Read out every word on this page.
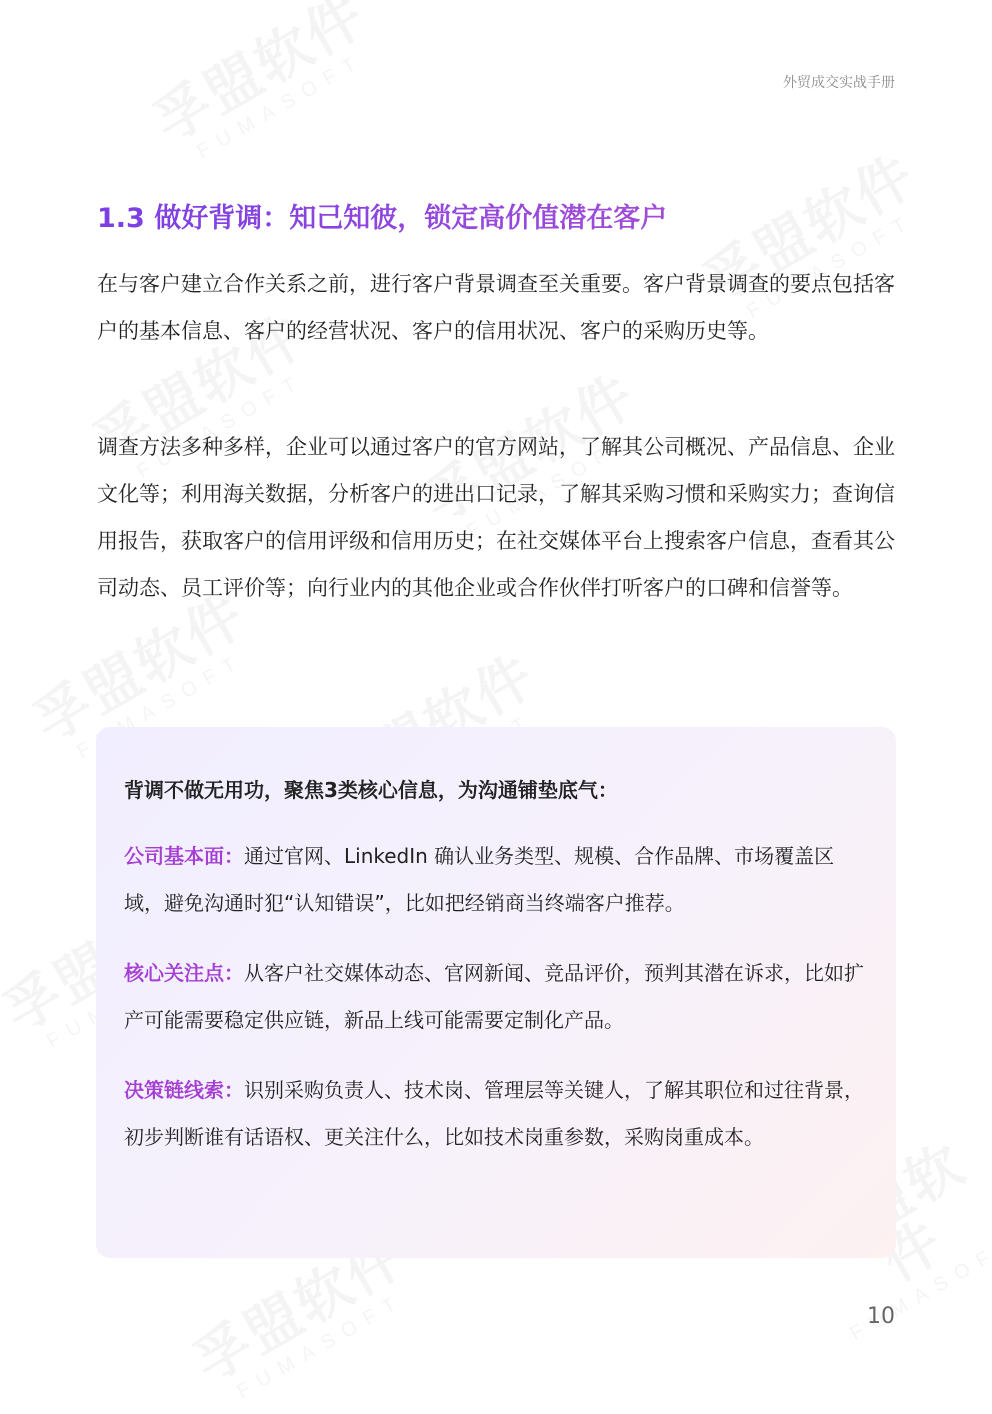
外贸成交实战手册
1.3 做好背调：知己知彼，锁定高价值潜在客户

在与客户建立合作关系之前，进行客户背景调查至关重要。客户背景调查的要点包括客户的基本信息、客户的经营状况、客户的信用状况、客户的采购历史等。

调查方法多种多样，企业可以通过客户的官方网站，了解其公司概况、产品信息、企业文化等；利用海关数据，分析客户的进出口记录，了解其采购习惯和采购实力；查询信用报告，获取客户的信用评级和信用历史；在社交媒体平台上搜索客户信息，查看其公司动态、员工评价等；向行业内的其他企业或合作伙伴打听客户的口碑和信誉等。

背调不做无用功，聚焦3类核心信息，为沟通铺垫底气：

公司基本面：通过官网、LinkedIn 确认业务类型、规模、合作品牌、市场覆盖区域，避免沟通时犯“认知错误”，比如把经销商当终端客户推荐。

核心关注点：从客户社交媒体动态、官网新闻、竞品评价，预判其潜在诉求，比如扩产可能需要稳定供应链，新品上线可能需要定制化产品。

决策链线索：识别采购负责人、技术岗、管理层等关键人，了解其职位和过往背景，初步判断谁有话语权、更关注什么，比如技术岗重参数，采购岗重成本。

10
